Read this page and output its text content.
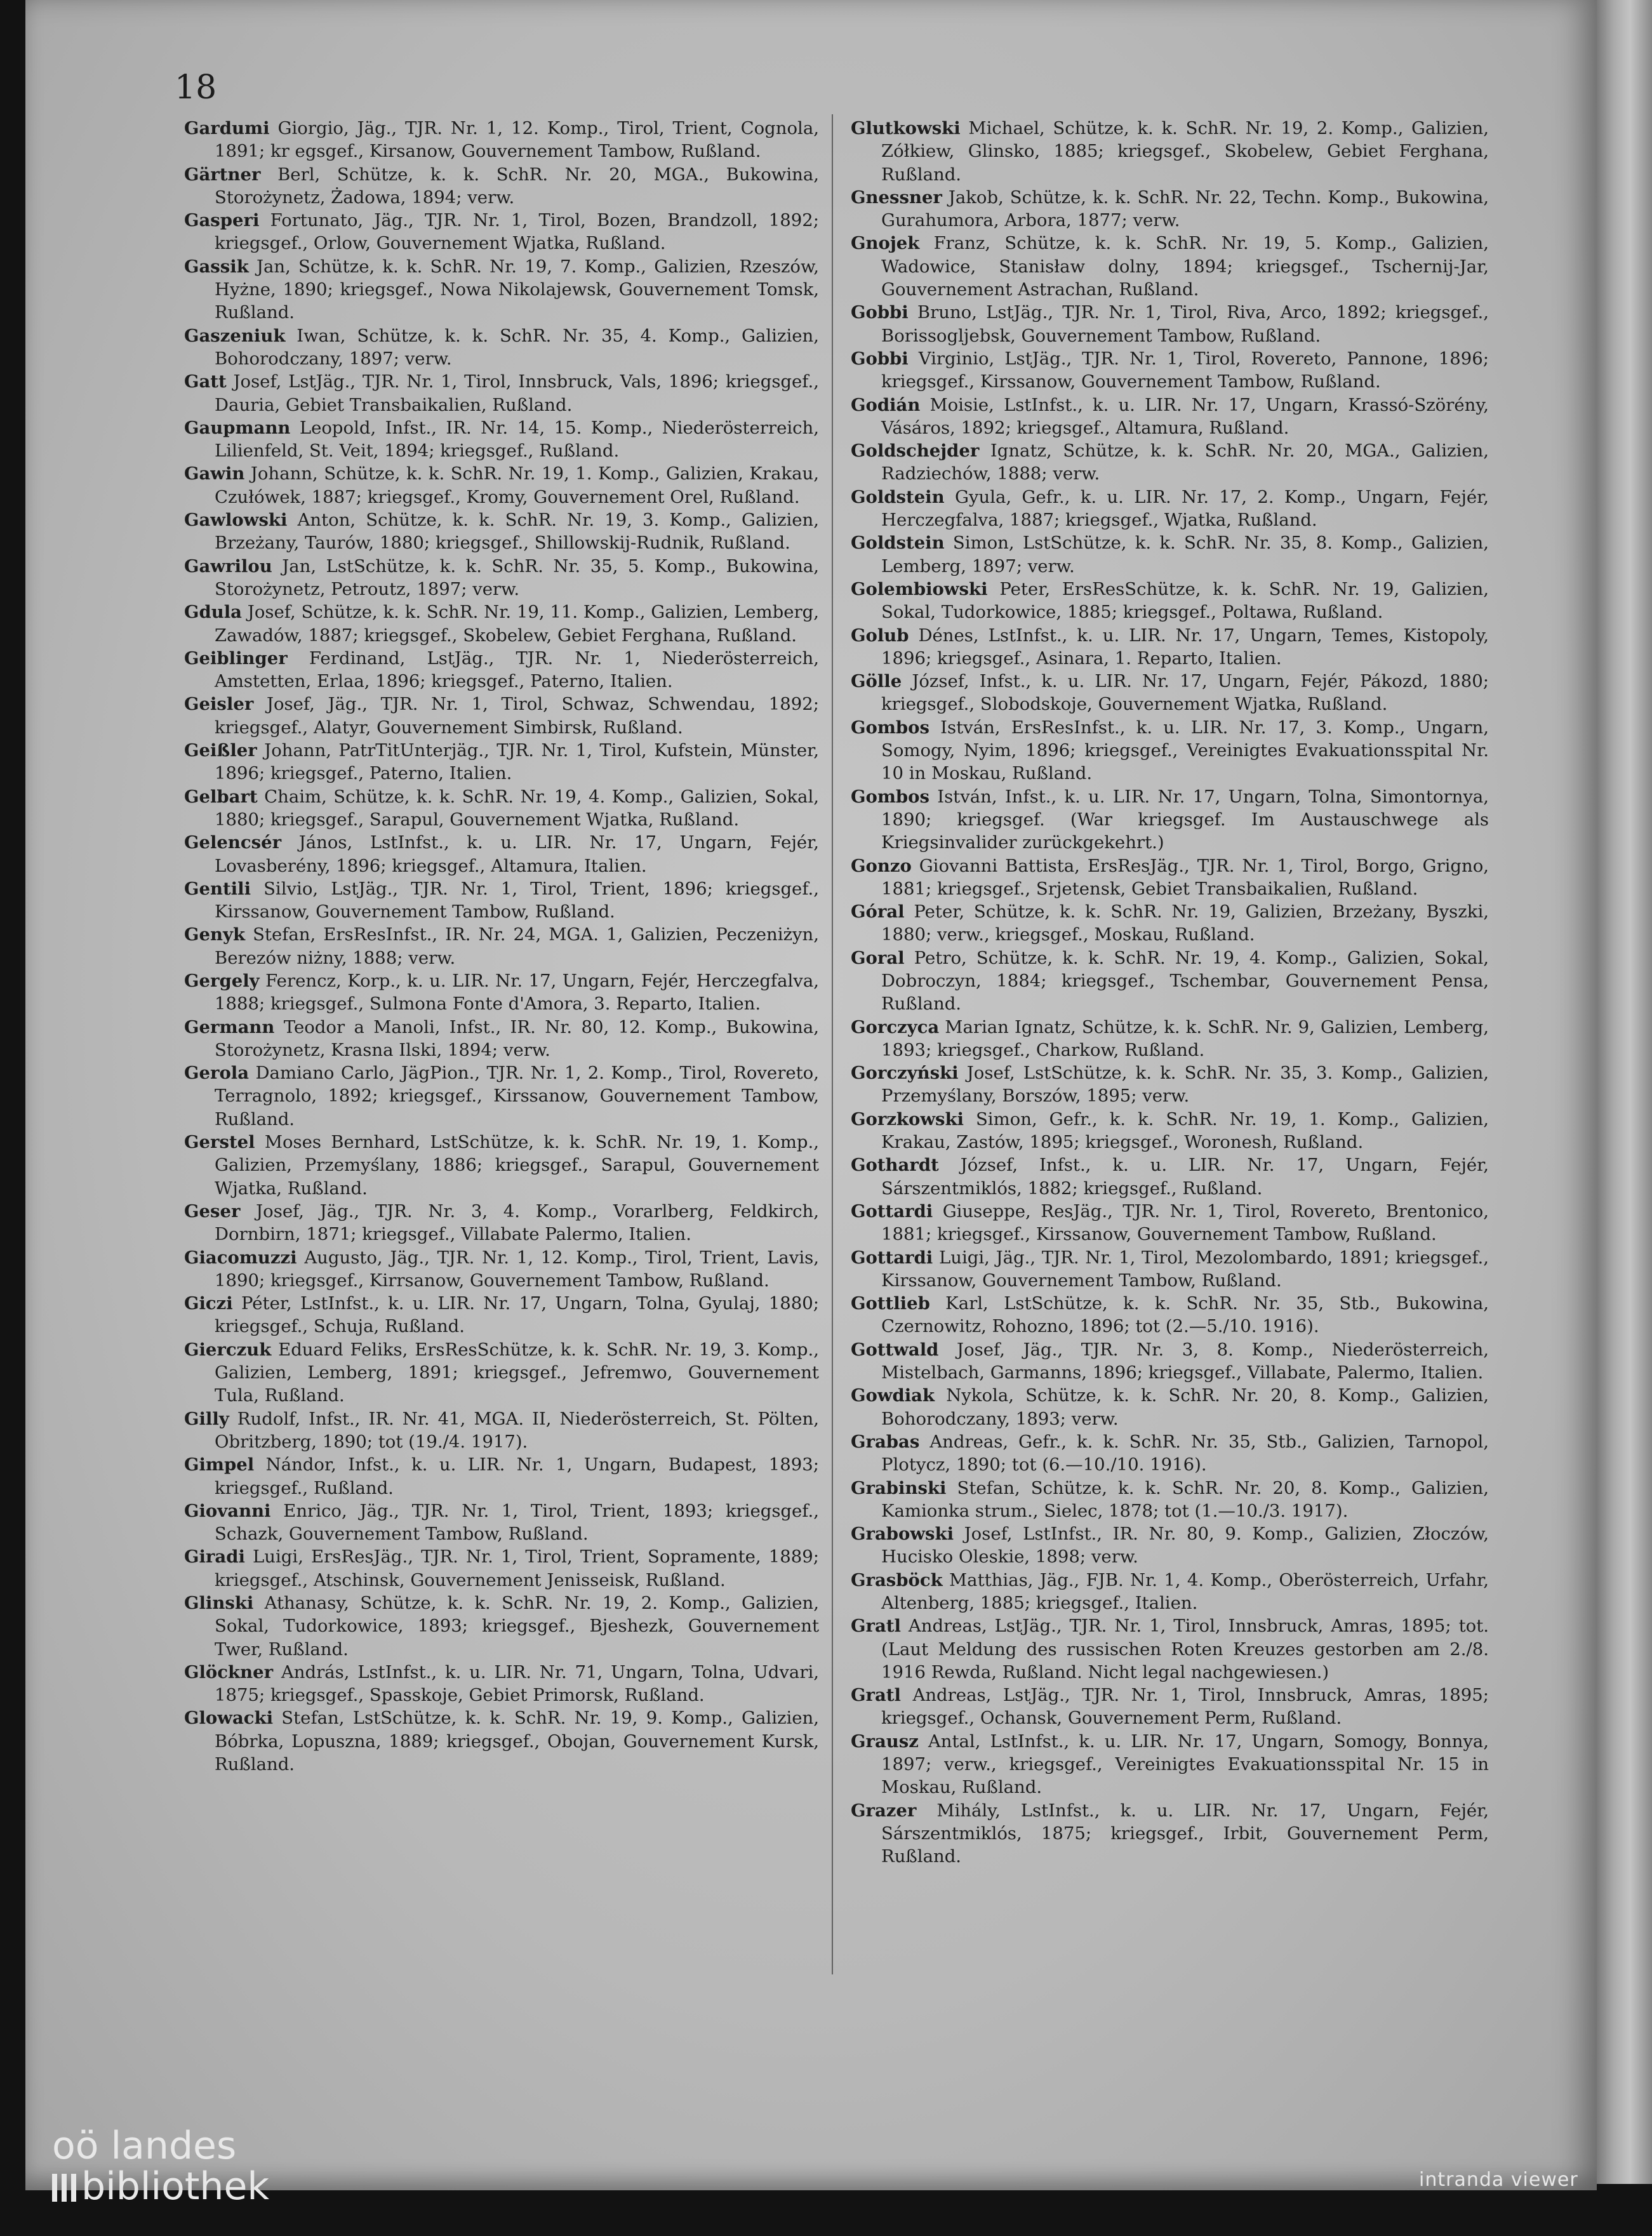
18

Gardumi Giorgio, Jäg., TJR. Nr. 1, 12. Komp., Tirol, Trient, Cognola, 1891; kr egsgef., Kirsanow, Gouvernement Tambow, Rußland.

Gärtner Berl, Schütze, k. k. SchR. Nr. 20, MGA., Bukowina, Storożynetz, Żadowa, 1894; verw.

Gasperi Fortunato, Jäg., TJR. Nr. 1, Tirol, Bozen, Brandzoll, 1892; kriegsgef., Orlow, Gouvernement Wjatka, Rußland.

Gassik Jan, Schütze, k. k. SchR. Nr. 19, 7. Komp., Galizien, Rzeszów, Hyżne, 1890; kriegsgef., Nowa Nikolajewsk, Gouvernement Tomsk, Rußland.

Gaszeniuk Iwan, Schütze, k. k. SchR. Nr. 35, 4. Komp., Galizien, Bohorodczany, 1897; verw.

Gatt Josef, LstJäg., TJR. Nr. 1, Tirol, Innsbruck, Vals, 1896; kriegsgef., Dauria, Gebiet Transbaikalien, Rußland.

Gaupmann Leopold, Infst., IR. Nr. 14, 15. Komp., Niederösterreich, Lilienfeld, St. Veit, 1894; kriegsgef., Rußland.

Gawin Johann, Schütze, k. k. SchR. Nr. 19, 1. Komp., Galizien, Krakau, Czułówek, 1887; kriegsgef., Kromy, Gouvernement Orel, Rußland.

Gawlowski Anton, Schütze, k. k. SchR. Nr. 19, 3. Komp., Galizien, Brzeżany, Taurów, 1880; kriegsgef., Shillowskij-Rudnik, Rußland.

Gawrilou Jan, LstSchütze, k. k. SchR. Nr. 35, 5. Komp., Bukowina, Storożynetz, Petroutz, 1897; verw.

Gdula Josef, Schütze, k. k. SchR. Nr. 19, 11. Komp., Galizien, Lemberg, Zawadów, 1887; kriegsgef., Skobelew, Gebiet Ferghana, Rußland.

Geiblinger Ferdinand, LstJäg., TJR. Nr. 1, Niederösterreich, Amstetten, Erlaa, 1896; kriegsgef., Paterno, Italien.

Geisler Josef, Jäg., TJR. Nr. 1, Tirol, Schwaz, Schwendau, 1892; kriegsgef., Alatyr, Gouvernement Simbirsk, Rußland.

Geißler Johann, PatrTitUnterjäg., TJR. Nr. 1, Tirol, Kufstein, Münster, 1896; kriegsgef., Paterno, Italien.

Gelbart Chaim, Schütze, k. k. SchR. Nr. 19, 4. Komp., Galizien, Sokal, 1880; kriegsgef., Sarapul, Gouvernement Wjatka, Rußland.

Gelencsér János, LstInfst., k. u. LIR. Nr. 17, Ungarn, Fejér, Lovasberény, 1896; kriegsgef., Altamura, Italien.

Gentili Silvio, LstJäg., TJR. Nr. 1, Tirol, Trient, 1896; kriegsgef., Kirssanow, Gouvernement Tambow, Rußland.

Genyk Stefan, ErsResInfst., IR. Nr. 24, MGA. 1, Galizien, Peczeniżyn, Berezów niżny, 1888; verw.

Gergely Ferencz, Korp., k. u. LIR. Nr. 17, Ungarn, Fejér, Herczegfalva, 1888; kriegsgef., Sulmona Fonte d'Amora, 3. Reparto, Italien.

Germann Teodor a Manoli, Infst., IR. Nr. 80, 12. Komp., Bukowina, Storożynetz, Krasna Ilski, 1894; verw.

Gerola Damiano Carlo, JägPion., TJR. Nr. 1, 2. Komp., Tirol, Rovereto, Terragnolo, 1892; kriegsgef., Kirssanow, Gouvernement Tambow, Rußland.

Gerstel Moses Bernhard, LstSchütze, k. k. SchR. Nr. 19, 1. Komp., Galizien, Przemyślany, 1886; kriegsgef., Sarapul, Gouvernement Wjatka, Rußland.

Geser Josef, Jäg., TJR. Nr. 3, 4. Komp., Vorarlberg, Feldkirch, Dornbirn, 1871; kriegsgef., Villabate Palermo, Italien.

Giacomuzzi Augusto, Jäg., TJR. Nr. 1, 12. Komp., Tirol, Trient, Lavis, 1890; kriegsgef., Kirrsanow, Gouvernement Tambow, Rußland.

Giczi Péter, LstInfst., k. u. LIR. Nr. 17, Ungarn, Tolna, Gyulaj, 1880; kriegsgef., Schuja, Rußland.

Gierczuk Eduard Feliks, ErsResSchütze, k. k. SchR. Nr. 19, 3. Komp., Galizien, Lemberg, 1891; kriegsgef., Jefremwo, Gouvernement Tula, Rußland.

Gilly Rudolf, Infst., IR. Nr. 41, MGA. II, Niederösterreich, St. Pölten, Obritzberg, 1890; tot (19./4. 1917).

Gimpel Nándor, Infst., k. u. LIR. Nr. 1, Ungarn, Budapest, 1893; kriegsgef., Rußland.

Giovanni Enrico, Jäg., TJR. Nr. 1, Tirol, Trient, 1893; kriegsgef., Schazk, Gouvernement Tambow, Rußland.

Giradi Luigi, ErsResJäg., TJR. Nr. 1, Tirol, Trient, Sopramente, 1889; kriegsgef., Atschinsk, Gouvernement Jenisseisk, Rußland.

Glinski Athanasy, Schütze, k. k. SchR. Nr. 19, 2. Komp., Galizien, Sokal, Tudorkowice, 1893; kriegsgef., Bjeshezk, Gouvernement Twer, Rußland.

Glöckner András, LstInfst., k. u. LIR. Nr. 71, Ungarn, Tolna, Udvari, 1875; kriegsgef., Spasskoje, Gebiet Primorsk, Rußland.

Glowacki Stefan, LstSchütze, k. k. SchR. Nr. 19, 9. Komp., Galizien, Bóbrka, Lopuszna, 1889; kriegsgef., Obojan, Gouvernement Kursk, Rußland.

Glutkowski Michael, Schütze, k. k. SchR. Nr. 19, 2. Komp., Galizien, Zółkiew, Glinsko, 1885; kriegsgef., Skobelew, Gebiet Ferghana, Rußland.

Gnessner Jakob, Schütze, k. k. SchR. Nr. 22, Techn. Komp., Bukowina, Gurahumora, Arbora, 1877; verw.

Gnojek Franz, Schütze, k. k. SchR. Nr. 19, 5. Komp., Galizien, Wadowice, Stanisław dolny, 1894; kriegsgef., Tschernij-Jar, Gouvernement Astrachan, Rußland.

Gobbi Bruno, LstJäg., TJR. Nr. 1, Tirol, Riva, Arco, 1892; kriegsgef., Borissogljebsk, Gouvernement Tambow, Rußland.

Gobbi Virginio, LstJäg., TJR. Nr. 1, Tirol, Rovereto, Pannone, 1896; kriegsgef., Kirssanow, Gouvernement Tambow, Rußland.

Godián Moisie, LstInfst., k. u. LIR. Nr. 17, Ungarn, Krassó-Szörény, Vásáros, 1892; kriegsgef., Altamura, Rußland.

Goldschejder Ignatz, Schütze, k. k. SchR. Nr. 20, MGA., Galizien, Radziechów, 1888; verw.

Goldstein Gyula, Gefr., k. u. LIR. Nr. 17, 2. Komp., Ungarn, Fejér, Herczegfalva, 1887; kriegsgef., Wjatka, Rußland.

Goldstein Simon, LstSchütze, k. k. SchR. Nr. 35, 8. Komp., Galizien, Lemberg, 1897; verw.

Golembiowski Peter, ErsResSchütze, k. k. SchR. Nr. 19, Galizien, Sokal, Tudorkowice, 1885; kriegsgef., Poltawa, Rußland.

Golub Dénes, LstInfst., k. u. LIR. Nr. 17, Ungarn, Temes, Kistopoly, 1896; kriegsgef., Asinara, 1. Reparto, Italien.

Gölle József, Infst., k. u. LIR. Nr. 17, Ungarn, Fejér, Pákozd, 1880; kriegsgef., Slobodskoje, Gouvernement Wjatka, Rußland.

Gombos István, ErsResInfst., k. u. LIR. Nr. 17, 3. Komp., Ungarn, Somogy, Nyim, 1896; kriegsgef., Vereinigtes Evakuationsspital Nr. 10 in Moskau, Rußland.

Gombos István, Infst., k. u. LIR. Nr. 17, Ungarn, Tolna, Simontornya, 1890; kriegsgef. (War kriegsgef. Im Austauschwege als Kriegsinvalider zurückgekehrt.)

Gonzo Giovanni Battista, ErsResJäg., TJR. Nr. 1, Tirol, Borgo, Grigno, 1881; kriegsgef., Srjetensk, Gebiet Transbaikalien, Rußland.

Góral Peter, Schütze, k. k. SchR. Nr. 19, Galizien, Brzeżany, Byszki, 1880; verw., kriegsgef., Moskau, Rußland.

Goral Petro, Schütze, k. k. SchR. Nr. 19, 4. Komp., Galizien, Sokal, Dobroczyn, 1884; kriegsgef., Tschembar, Gouvernement Pensa, Rußland.

Gorczyca Marian Ignatz, Schütze, k. k. SchR. Nr. 9, Galizien, Lemberg, 1893; kriegsgef., Charkow, Rußland.

Gorczyński Josef, LstSchütze, k. k. SchR. Nr. 35, 3. Komp., Galizien, Przemyślany, Borszów, 1895; verw.

Gorzkowski Simon, Gefr., k. k. SchR. Nr. 19, 1. Komp., Galizien, Krakau, Zastów, 1895; kriegsgef., Woronesh, Rußland.

Gothardt József, Infst., k. u. LIR. Nr. 17, Ungarn, Fejér, Sárszentmiklós, 1882; kriegsgef., Rußland.

Gottardi Giuseppe, ResJäg., TJR. Nr. 1, Tirol, Rovereto, Brentonico, 1881; kriegsgef., Kirssanow, Gouvernement Tambow, Rußland.

Gottardi Luigi, Jäg., TJR. Nr. 1, Tirol, Mezolombardo, 1891; kriegsgef., Kirssanow, Gouvernement Tambow, Rußland.

Gottlieb Karl, LstSchütze, k. k. SchR. Nr. 35, Stb., Bukowina, Czernowitz, Rohozno, 1896; tot (2.—5./10. 1916).

Gottwald Josef, Jäg., TJR. Nr. 3, 8. Komp., Niederösterreich, Mistelbach, Garmanns, 1896; kriegsgef., Villabate, Palermo, Italien.

Gowdiak Nykola, Schütze, k. k. SchR. Nr. 20, 8. Komp., Galizien, Bohorodczany, 1893; verw.

Grabas Andreas, Gefr., k. k. SchR. Nr. 35, Stb., Galizien, Tarnopol, Plotycz, 1890; tot (6.—10./10. 1916).

Grabinski Stefan, Schütze, k. k. SchR. Nr. 20, 8. Komp., Galizien, Kamionka strum., Sielec, 1878; tot (1.—10./3. 1917).

Grabowski Josef, LstInfst., IR. Nr. 80, 9. Komp., Galizien, Złoczów, Hucisko Oleskie, 1898; verw.

Grasböck Matthias, Jäg., FJB. Nr. 1, 4. Komp., Oberösterreich, Urfahr, Altenberg, 1885; kriegsgef., Italien.

Gratl Andreas, LstJäg., TJR. Nr. 1, Tirol, Innsbruck, Amras, 1895; tot. (Laut Meldung des russischen Roten Kreuzes gestorben am 2./8. 1916 Rewda, Rußland. Nicht legal nachgewiesen.)

Gratl Andreas, LstJäg., TJR. Nr. 1, Tirol, Innsbruck, Amras, 1895; kriegsgef., Ochansk, Gouvernement Perm, Rußland.

Grausz Antal, LstInfst., k. u. LIR. Nr. 17, Ungarn, Somogy, Bonnya, 1897; verw., kriegsgef., Vereinigtes Evakuationsspital Nr. 15 in Moskau, Rußland.

Grazer Mihály, LstInfst., k. u. LIR. Nr. 17, Ungarn, Fejér, Sárszentmiklós, 1875; kriegsgef., Irbit, Gouvernement Perm, Rußland.

oö landes
bibliothek	intranda viewer
